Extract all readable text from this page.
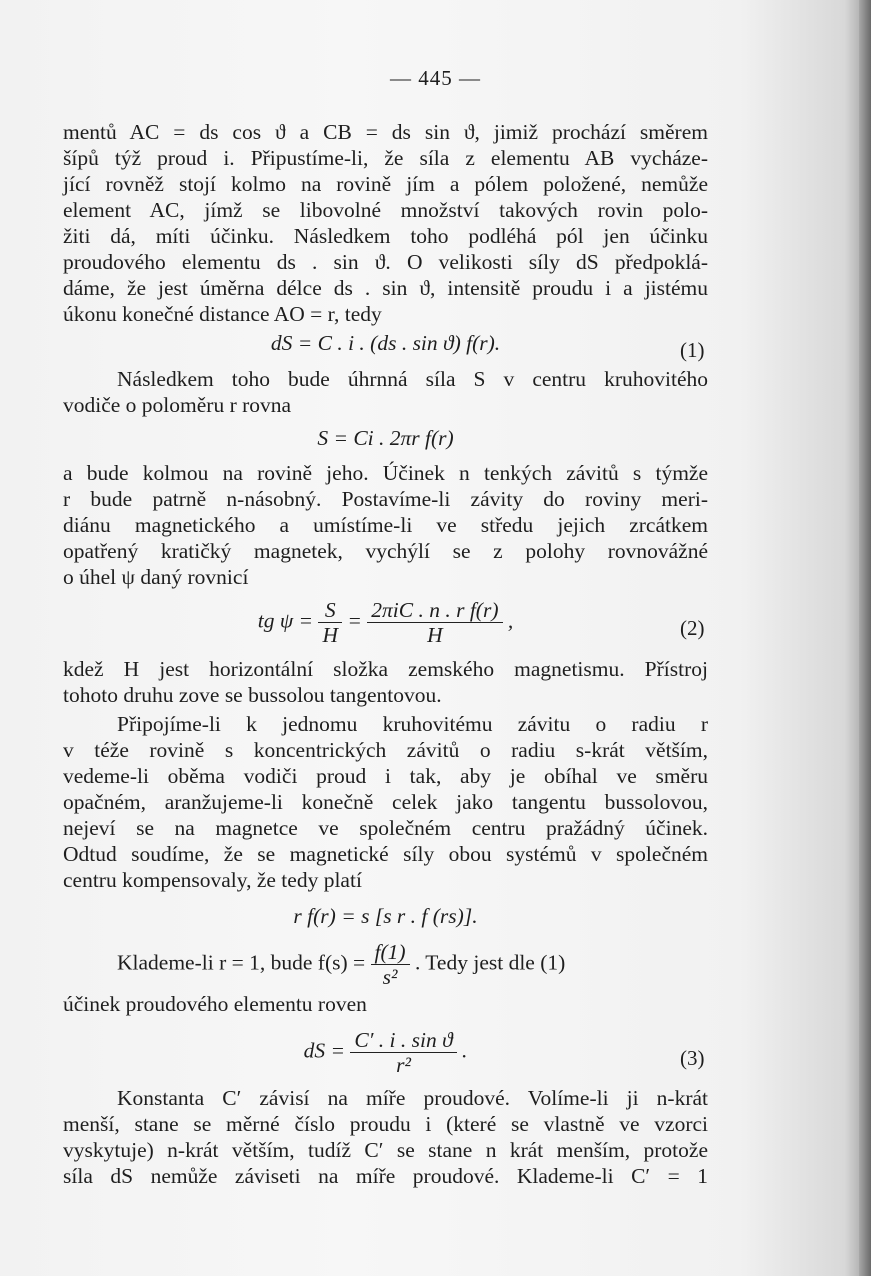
— 445 —
mentů AC = ds cos ϑ a CB = ds sin ϑ, jimiž prochází směrem
šípů týž proud i. Připustíme-li, že síla z elementu AB vycháze-
jící rovněž stojí kolmo na rovině jím a pólem položené, nemůže
element AC, jímž se libovolné množství takových rovin polo-
žiti dá, míti účinku. Následkem toho podléhá pól jen účinku
proudového elementu ds . sin ϑ. O velikosti síly dS předpoklá-
dáme, že jest úměrna délce ds . sin ϑ, intensitě proudu i a jistému
úkonu konečné distance AO = r, tedy
dS = C . i . (ds . sin ϑ) f(r).	(1)
Následkem toho bude úhrnná síla S v centru kruhovitého
vodiče o poloměru r rovna
S = Ci . 2πr f(r)
a bude kolmou na rovině jeho. Účinek n tenkých závitů s týmže
r bude patrně n-násobný. Postavíme-li závity do roviny meri-
diánu magnetického a umístíme-li ve středu jejich zrcátkem
opatřený kratičký magnetek, vychýlí se z polohy rovnovážné
o úhel ψ daný rovnicí
tg $\psi = \frac{S}{H} = \frac{\text{2πiC . n . r f(r)}}{H}$ ,	(2)
kdež H jest horizontální složka zemského magnetismu. Přístroj
tohoto druhu zove se bussolou tangentovou.
Připojíme-li k jednomu kruhovitému závitu o radiu r
v téže rovině s koncentrických závitů o radiu s-krát větším,
vedeme-li oběma vodiči proud i tak, aby je obíhal ve směru
opačném, aranžujeme-li konečně celek jako tangentu bussolovou,
nejeví se na magnetce ve společném centru pražádný účinek.
Odtud soudíme, že se magnetické síly obou systémů v společném
centru kompensovaly, že tedy platí
r f(r) = s [s r . f (rs)].
Klademe-li r = 1, bude $f(s) = \frac{f(1)}{\text{s²}}$ . Tedy jest dle (1)
účinek proudového elementu roven
dS = $\frac{\text{C′ . i . sin ϑ}}{\text{r²}}$ .	(3)
Konstanta C′ závisí na míře proudové. Volíme-li ji n-krát
menší, stane se měrné číslo proudu i (které se vlastně ve vzorci
vyskytuje) n-krát větším, tudíž C′ se stane n krát menším, protože
síla dS nemůže záviseti na míře proudové. Klademe-li C′ = 1
